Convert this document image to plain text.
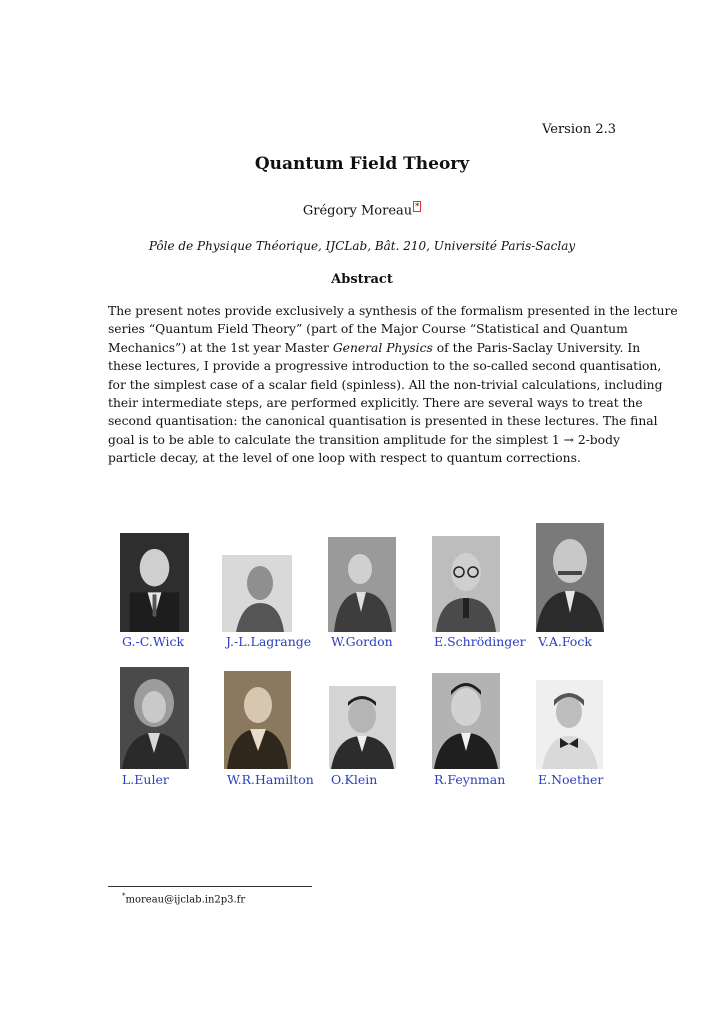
Version 2.3
Quantum Field Theory
Grégory Moreau *
Pôle de Physique Théorique, IJCLab, Bât. 210, Université Paris-Saclay
Abstract
The present notes provide exclusively a synthesis of the formalism presented in the lecture
series “Quantum Field Theory” (part of the Major Course “Statistical and Quantum
Mechanics”) at the 1st year Master General Physics of the Paris-Saclay University. In
these lectures, I provide a progressive introduction to the so-called second quantisation,
for the simplest case of a scalar field (spinless). All the non-trivial calculations, including
their intermediate steps, are performed explicitly. There are several ways to treat the
second quantisation: the canonical quantisation is presented in these lectures. The final
goal is to be able to calculate the transition amplitude for the simplest 1 → 2-body
particle decay, at the level of one loop with respect to quantum corrections.
G.-C.Wick	J.-L.Lagrange W.Gordon	E.Schrödinger V.A.Fock
L.Euler	W.R.Hamilton O.Klein	R.Feynman	E.Noether
*moreau@ijclab.in2p3.fr
